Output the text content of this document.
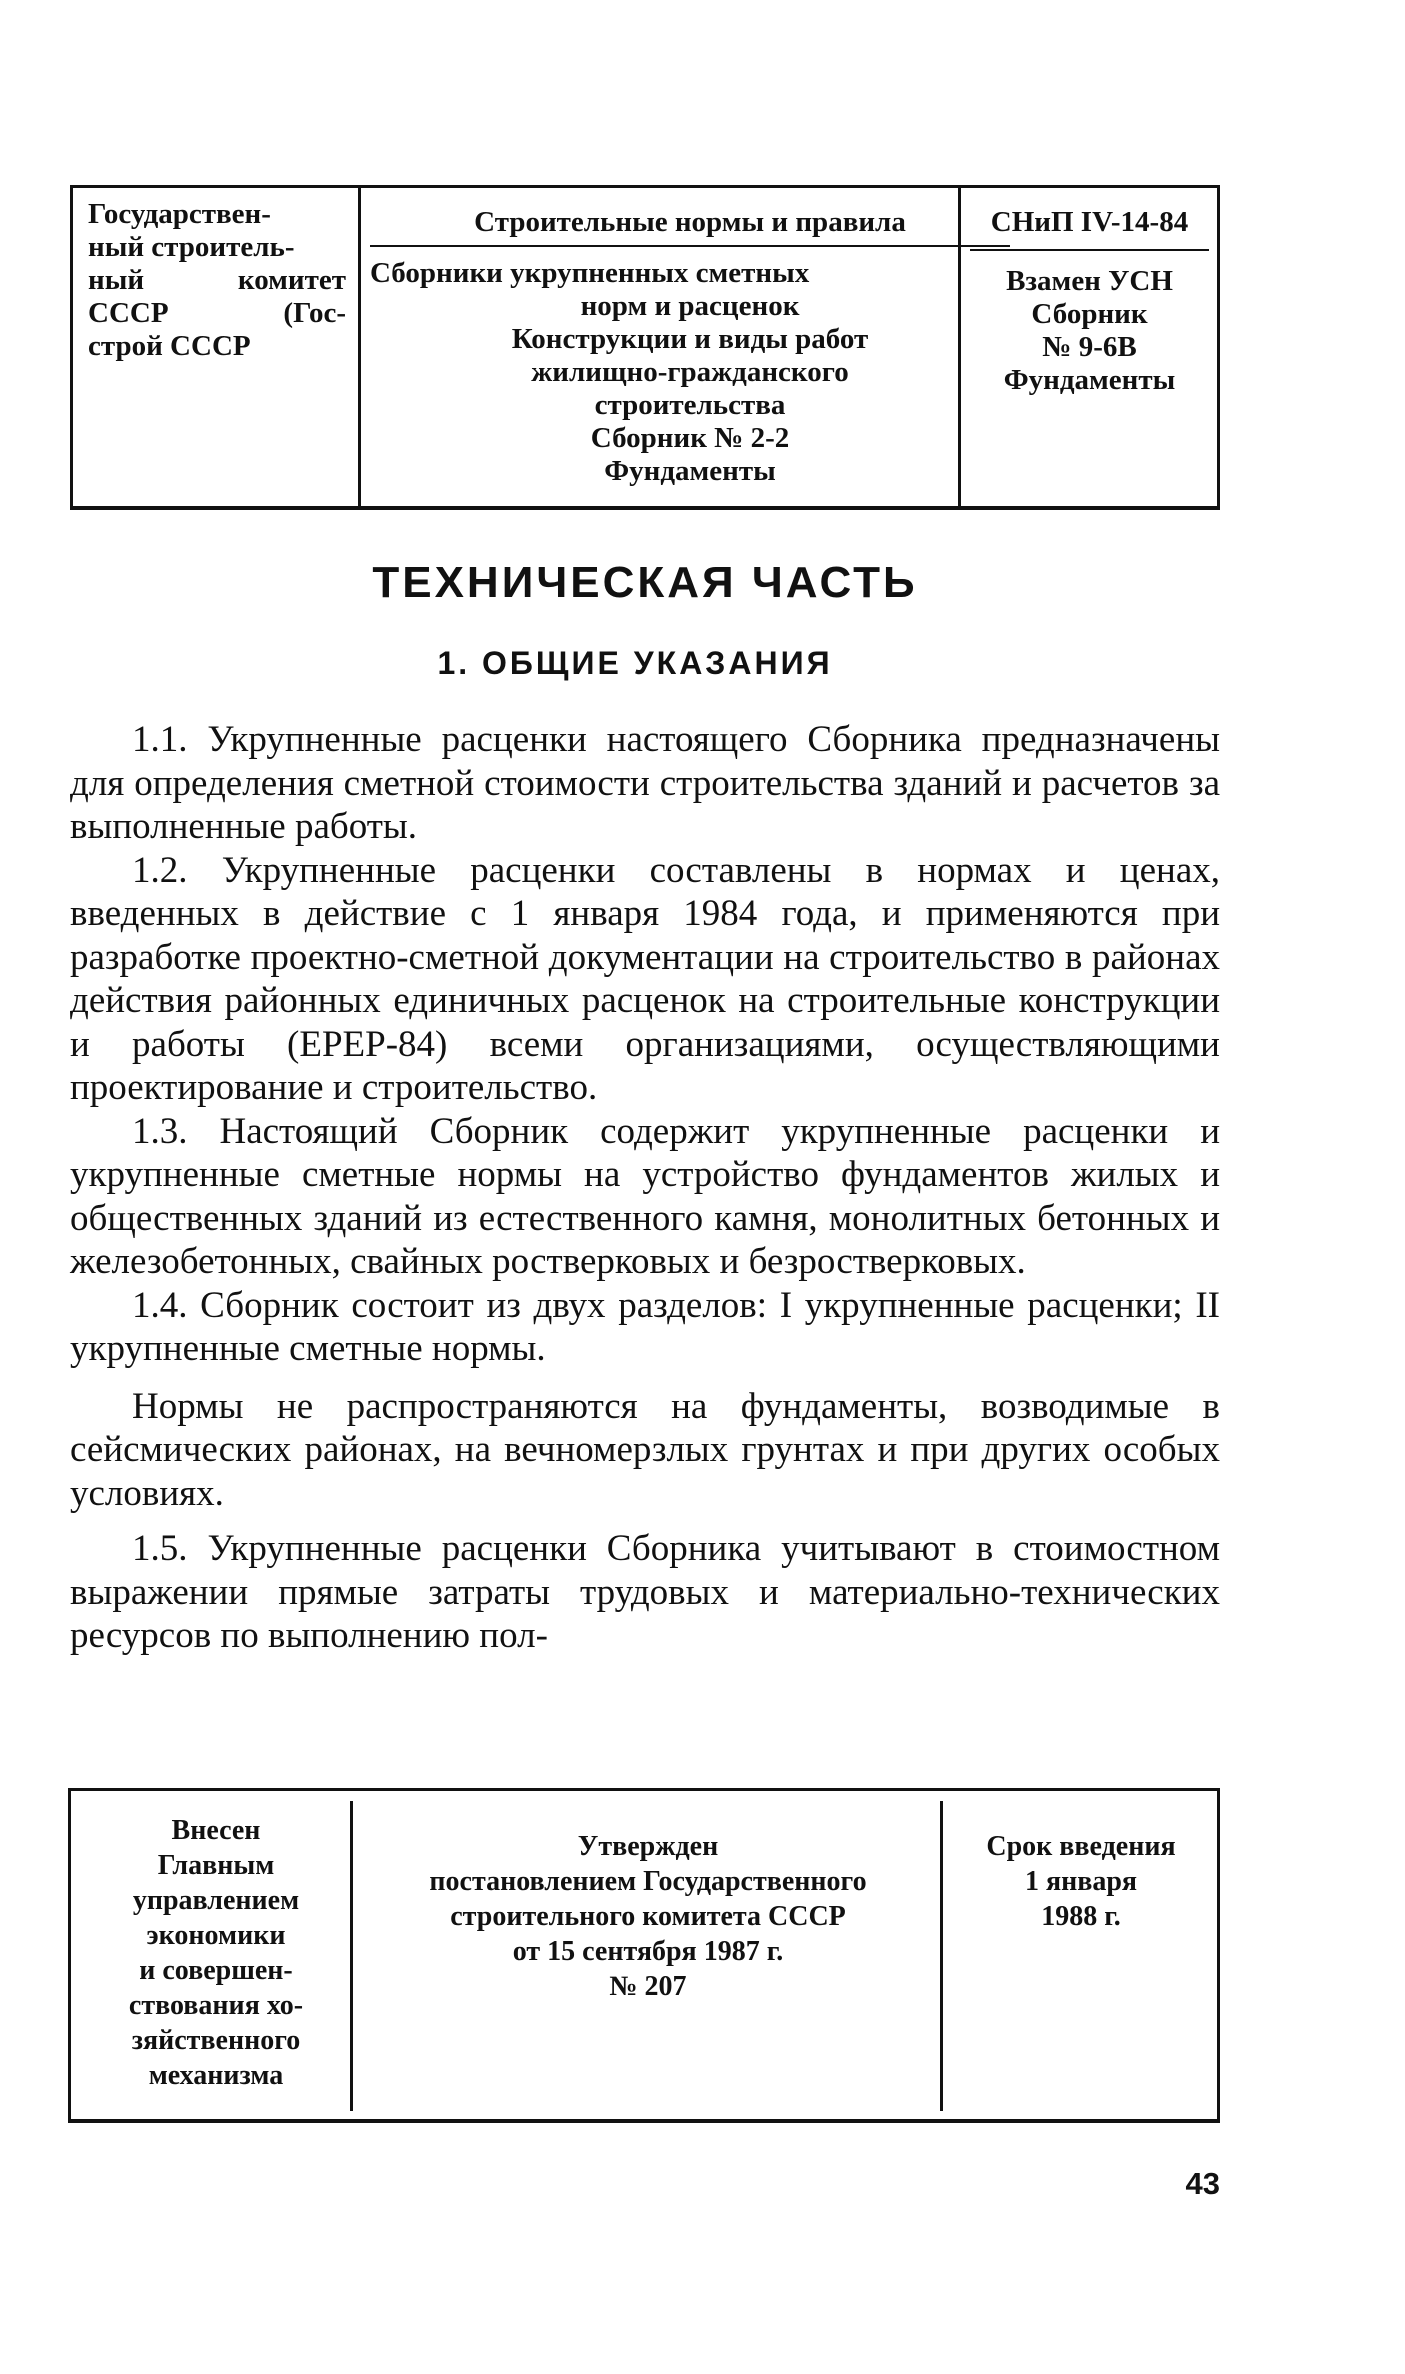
Государствен-
ный строитель-
ный	комитет
СССР	(Гос-
строй СССР
Строительные нормы и правила
Сборники укрупненных сметных
норм и расценок
Конструкции и виды работ
жилищно-гражданского
строительства
Сборник № 2-2
Фундаменты
СНиП IV-14-84
Взамен УСН
Сборник
№ 9-6В
Фундаменты
ТЕХНИЧЕСКАЯ ЧАСТЬ
1. ОБЩИЕ УКАЗАНИЯ

1.1. Укрупненные расценки настоящего Сборника предназначены для определения сметной стоимости строительства зданий и расчетов за выполненные работы.

1.2. Укрупненные расценки составлены в нормах и ценах, введенных в действие с 1 января 1984 года, и применяются при разработке проектно-сметной документации на строительство в районах действия районных единичных расценок на строительные конструкции и работы (ЕРЕР-84) всеми организациями, осуществляющими проектирование и строительство.

1.3. Настоящий Сборник содержит укрупненные расценки и укрупненные сметные нормы на устройство фундаментов жилых и общественных зданий из естественного камня, монолитных бетонных и железобетонных, свайных ростверковых и безростверковых.

1.4. Сборник состоит из двух разделов: I укрупненные расценки; II укрупненные сметные нормы.

Нормы не распространяются на фундаменты, возводимые в сейсмических районах, на вечномерзлых грунтах и при других особых условиях.

1.5. Укрупненные расценки Сборника учитывают в стоимостном выражении прямые затраты трудовых и материально-технических ресурсов по выполнению пол-

Внесен
Главным
управлением
экономики
и совершен-
ствования хо-
зяйственного
механизма
Утвержден
постановлением Государственного
строительного комитета СССР
от 15 сентября 1987 г.
№ 207
Срок введения
1 января
1988 г.
43
